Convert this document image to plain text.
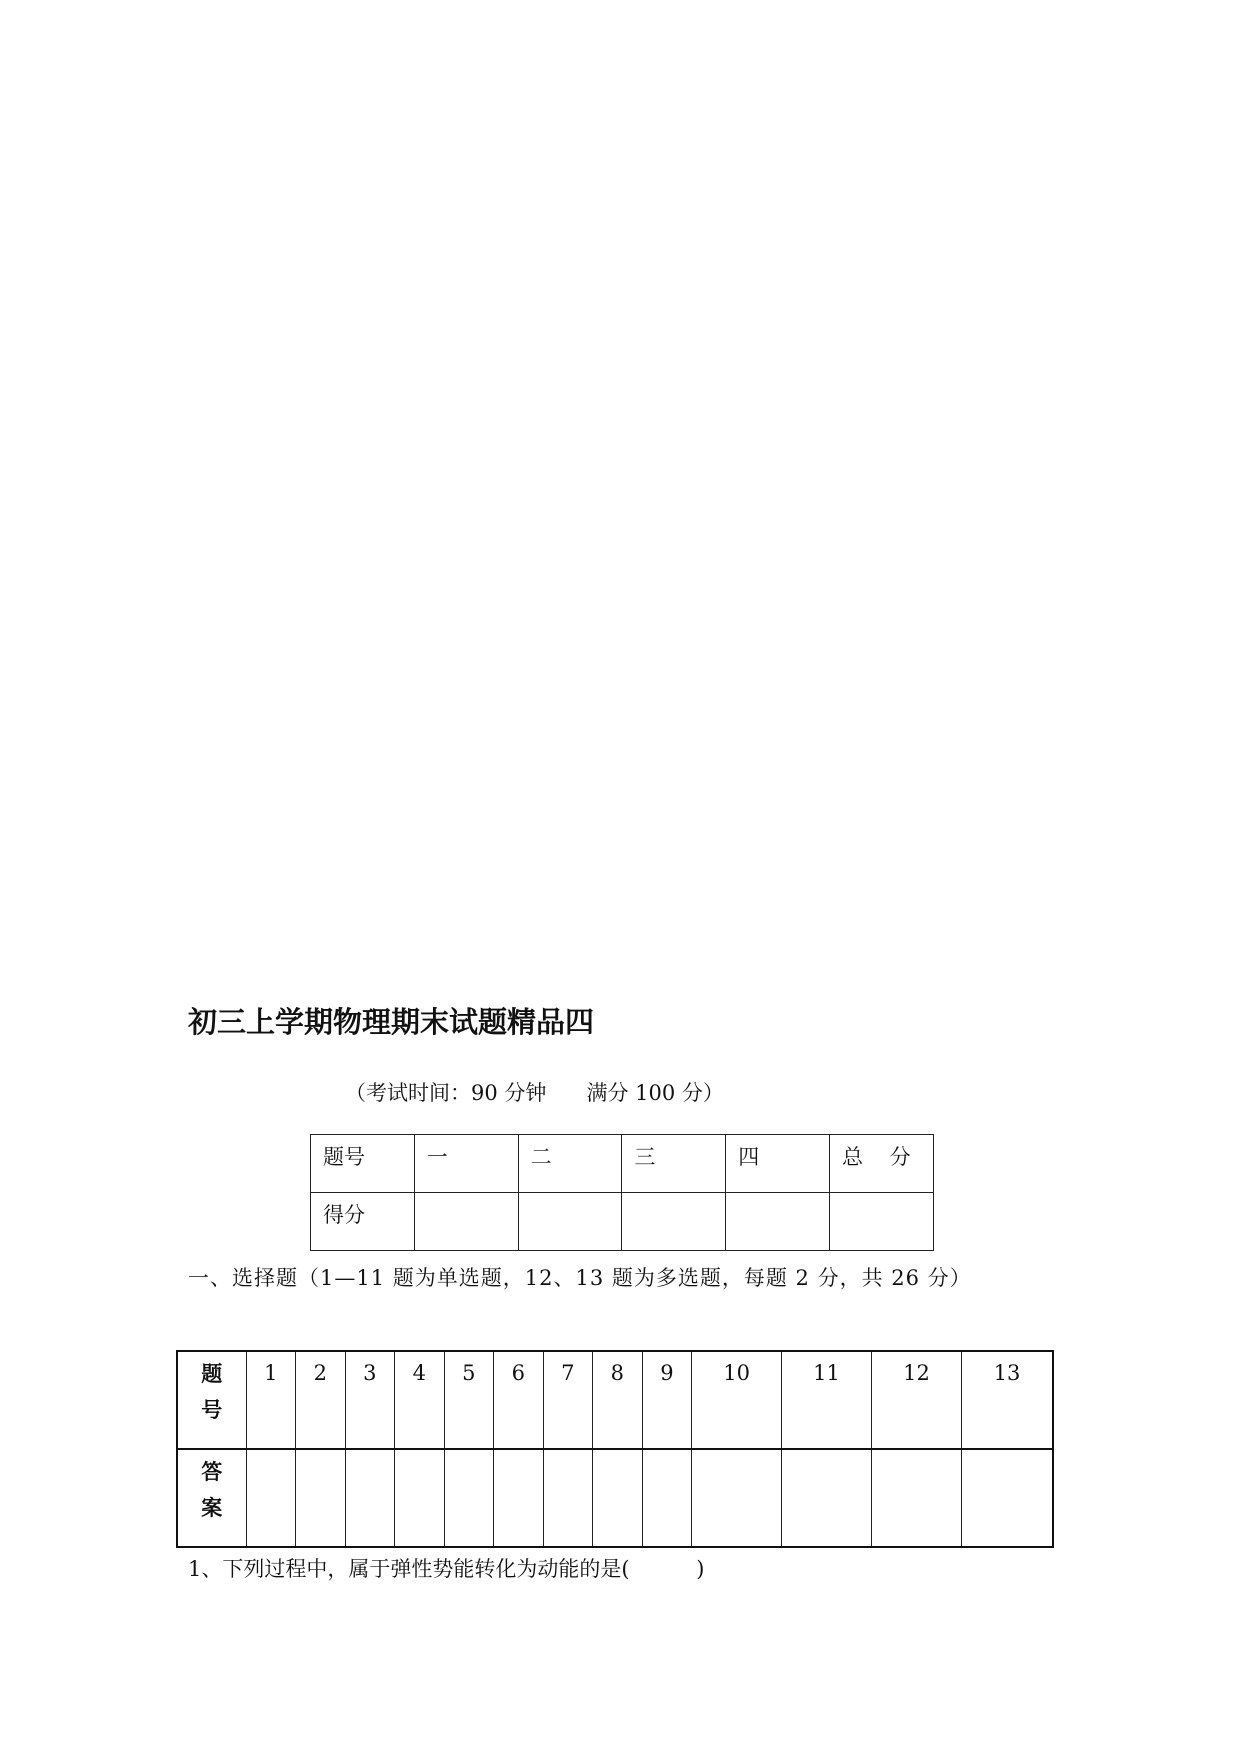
初三上学期物理期末试题精品四
（考试时间：90 分钟      满分 100 分）
题号	一	二	三	四	总    分
得分					
一、选择题（1—11 题为单选题，12、13 题为多选题，每题 2 分，共 26 分）
题
号	1	2	3	4	5	6	7	8	9	10	11	12	13
答
案													
1、下列过程中，属于弹性势能转化为动能的是(          )
